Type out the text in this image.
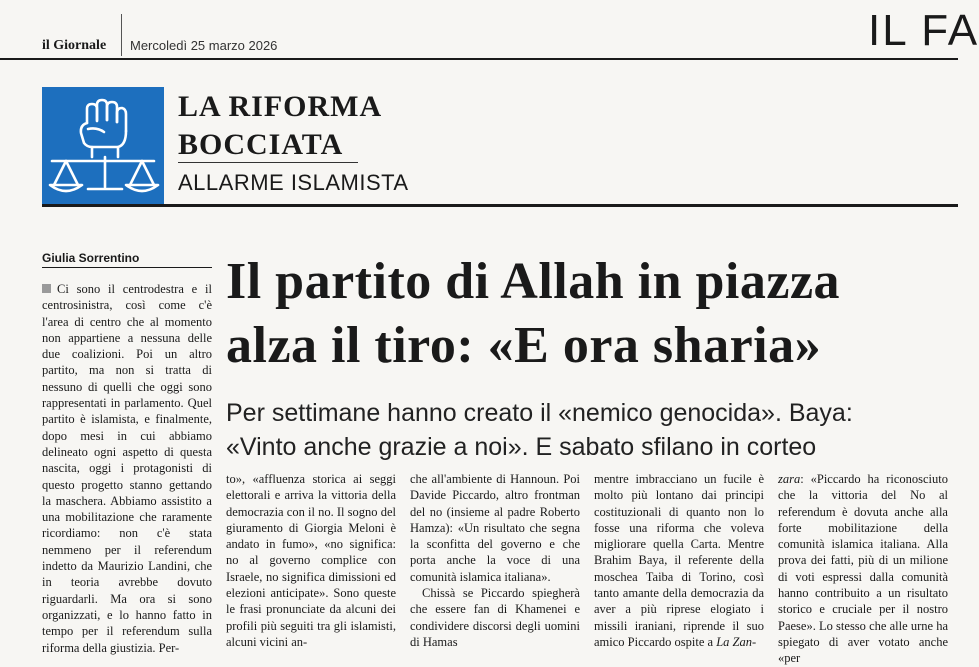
il Giornale Mercoledì 25 marzo 2026	IL FA
LA RIFORMA
BOCCIATA
ALLARME ISLAMISTA
Giulia Sorrentino Il partito di Allah in piazza
alza il tiro: «E ora sharia»
Per settimane hanno creato il «nemico genocida». Baya:
«Vinto anche grazie a noi». E sabato sfilano in corteo

Ci sono il centrodestra e il centrosinistra, così come c'è l'area di centro che al momento non appartiene a nessuna delle due coalizioni. Poi un altro partito, ma non si tratta di nessuno di quelli che oggi sono rappresentati in parlamento. Quel partito è islamista, e finalmente, dopo mesi in cui abbiamo delineato ogni aspetto di questa nascita, oggi i protagonisti di questo progetto stanno gettando la maschera. Abbiamo assistito a una mobilitazione che raramente ricordiamo: non c'è stata nemmeno per il referendum indetto da Maurizio Landini, che in teoria avrebbe dovuto riguardarli. Ma ora si sono organizzati, e lo hanno fatto in tempo per il referendum sulla riforma della giustizia. Per-

to», «affluenza storica ai seggi elettorali e arriva la vittoria della democrazia con il no. Il sogno del giuramento di Giorgia Meloni è andato in fumo», «no significa: no al governo complice con Israele, no significa dimissioni ed elezioni anticipate». Sono queste le frasi pronunciate da alcuni dei profili più seguiti tra gli islamisti, alcuni vicini an-

che all'ambiente di Hannoun. Poi Davide Piccardo, altro frontman del no (insieme al padre Roberto Hamza): «Un risultato che segna la sconfitta del governo e che porta anche la voce di una comunità islamica italiana».

Chissà se Piccardo spiegherà che essere fan di Khamenei e condividere discorsi degli uomini di Hamas

mentre imbracciano un fucile è molto più lontano dai principi costituzionali di quanto non lo fosse una riforma che voleva migliorare quella Carta. Mentre Brahim Baya, il referente della moschea Taiba di Torino, così tanto amante della democrazia da aver a più riprese elogiato i missili iraniani, riprende il suo amico Piccardo ospite a La Zan-

zara: «Piccardo ha riconosciuto che la vittoria del No al referendum è dovuta anche alla forte mobilitazione della comunità islamica italiana. Alla prova dei fatti, più di un milione di voti espressi dalla comunità hanno contribuito a un risultato storico e cruciale per il nostro Paese». Lo stesso che alle urne ha spiegato di aver votato anche «per
